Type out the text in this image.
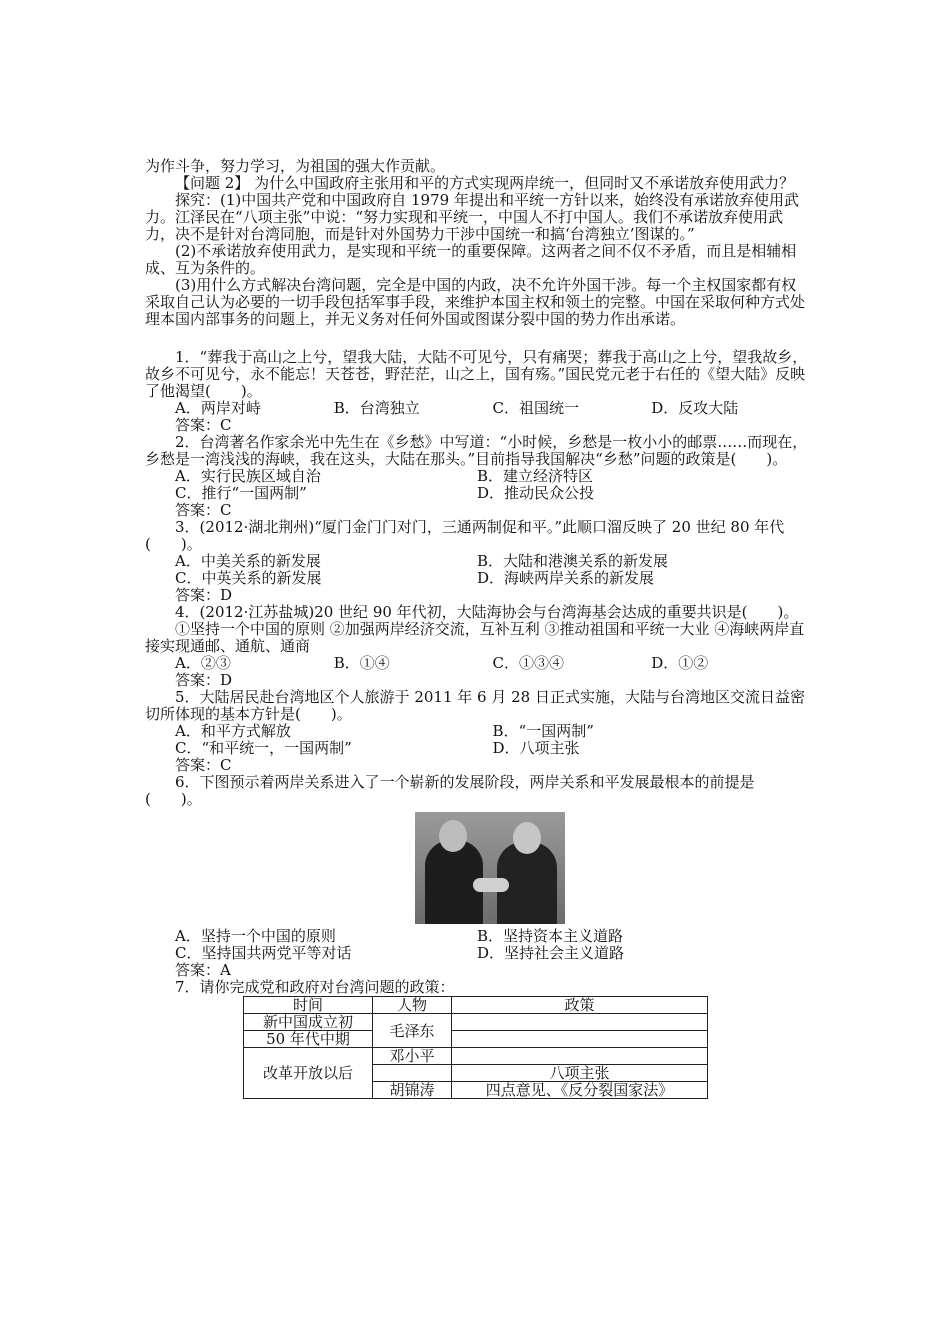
为作斗争，努力学习，为祖国的强大作贡献。

【问题 2】 为什么中国政府主张用和平的方式实现两岸统一，但同时又不承诺放弃使用武力？

探究：(1)中国共产党和中国政府自 1979 年提出和平统一方针以来，始终没有承诺放弃使用武力。江泽民在“八项主张”中说：“努力实现和平统一，中国人不打中国人。我们不承诺放弃使用武力，决不是针对台湾同胞，而是针对外国势力干涉中国统一和搞‘台湾独立’图谋的。”

(2)不承诺放弃使用武力，是实现和平统一的重要保障。这两者之间不仅不矛盾，而且是相辅相成、互为条件的。

(3)用什么方式解决台湾问题，完全是中国的内政，决不允许外国干涉。每一个主权国家都有权采取自己认为必要的一切手段包括军事手段，来维护本国主权和领土的完整。中国在采取何种方式处理本国内部事务的问题上，并无义务对任何外国或图谋分裂中国的势力作出承诺。

1．“葬我于高山之上兮，望我大陆，大陆不可见兮，只有痛哭；葬我于高山之上兮，望我故乡，故乡不可见兮，永不能忘！天苍苍，野茫茫，山之上，国有殇。”国民党元老于右任的《望大陆》反映了他渴望(　　)。

A．两岸对峙	B．台湾独立	C．祖国统一	D．反攻大陆

答案：C

2．台湾著名作家余光中先生在《乡愁》中写道：“小时候，乡愁是一枚小小的邮票……而现在，乡愁是一湾浅浅的海峡，我在这头，大陆在那头。”目前指导我国解决“乡愁”问题的政策是(　　)。

A．实行民族区域自治	B．建立经济特区
C．推行“一国两制”	D．推动民众公投

答案：C

3．(2012·湖北荆州)“厦门金门门对门，三通两制促和平。”此顺口溜反映了 20 世纪 80 年代(　　)。

A．中美关系的新发展	B．大陆和港澳关系的新发展
C．中英关系的新发展	D．海峡两岸关系的新发展

答案：D

4．(2012·江苏盐城)20 世纪 90 年代初，大陆海协会与台湾海基会达成的重要共识是(　　)。

①坚持一个中国的原则 ②加强两岸经济交流，互补互利 ③推动祖国和平统一大业 ④海峡两岸直接实现通邮、通航、通商

A．②③	B．①④	C．①③④	D．①②

答案：D

5．大陆居民赴台湾地区个人旅游于 2011 年 6 月 28 日正式实施，大陆与台湾地区交流日益密切所体现的基本方针是(　　)。

A．和平方式解放	B．“一国两制”
C．“和平统一，一国两制”	D．八项主张

答案：C

6．下图预示着两岸关系进入了一个崭新的发展阶段，两岸关系和平发展最根本的前提是(　　)。

A．坚持一个中国的原则	B．坚持资本主义道路
C．坚持国共两党平等对话	D．坚持社会主义道路

答案：A

7．请你完成党和政府对台湾问题的政策：

时间	人物	政策
新中国成立初	毛泽东	
50 年代中期		
改革开放以后	邓小平	
		八项主张
	胡锦涛	四点意见、《反分裂国家法》
